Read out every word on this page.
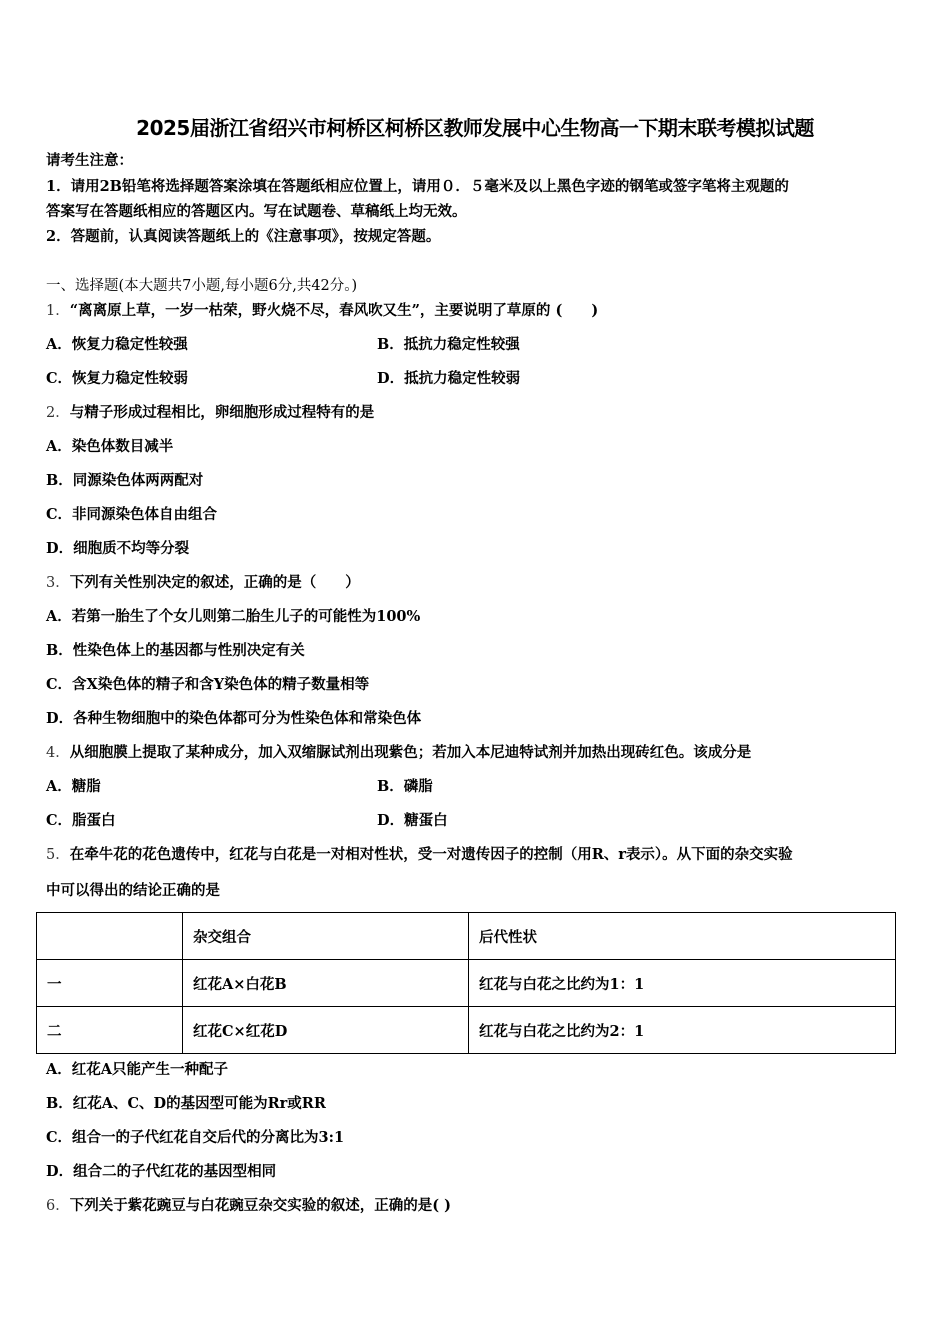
2025届浙江省绍兴市柯桥区柯桥区教师发展中心生物高一下期末联考模拟试题
请考生注意：
1．请用2B铅笔将选择题答案涂填在答题纸相应位置上，请用０．５毫米及以上黑色字迹的钢笔或签字笔将主观题的
答案写在答题纸相应的答题区内。写在试题卷、草稿纸上均无效。
2．答题前，认真阅读答题纸上的《注意事项》，按规定答题。
一、选择题(本大题共7小题,每小题6分,共42分。)
1．“离离原上草，一岁一枯荣，野火烧不尽，春风吹又生”，主要说明了草原的 (　　)
A．恢复力稳定性较强	B．抵抗力稳定性较强
C．恢复力稳定性较弱	D．抵抗力稳定性较弱
2．与精子形成过程相比，卵细胞形成过程特有的是
A．染色体数目减半
B．同源染色体两两配对
C．非同源染色体自由组合
D．细胞质不均等分裂
3．下列有关性别决定的叙述，正确的是（　　）
A．若第一胎生了个女儿则第二胎生儿子的可能性为100%
B．性染色体上的基因都与性别决定有关
C．含X染色体的精子和含Y染色体的精子数量相等
D．各种生物细胞中的染色体都可分为性染色体和常染色体
4．从细胞膜上提取了某种成分，加入双缩脲试剂出现紫色；若加入本尼迪特试剂并加热出现砖红色。该成分是
A．糖脂	B．磷脂
C．脂蛋白	D．糖蛋白
5．在牵牛花的花色遗传中，红花与白花是一对相对性状，受一对遗传因子的控制（用R、r表示）。从下面的杂交实验
中可以得出的结论正确的是
	杂交组合	后代性状
一	红花A×白花B	红花与白花之比约为1：1
二	红花C×红花D	红花与白花之比约为2：1
A．红花A只能产生一种配子
B．红花A、C、D的基因型可能为Rr或RR
C．组合一的子代红花自交后代的分离比为3:1
D．组合二的子代红花的基因型相同
6．下列关于紫花豌豆与白花豌豆杂交实验的叙述，正确的是( )
